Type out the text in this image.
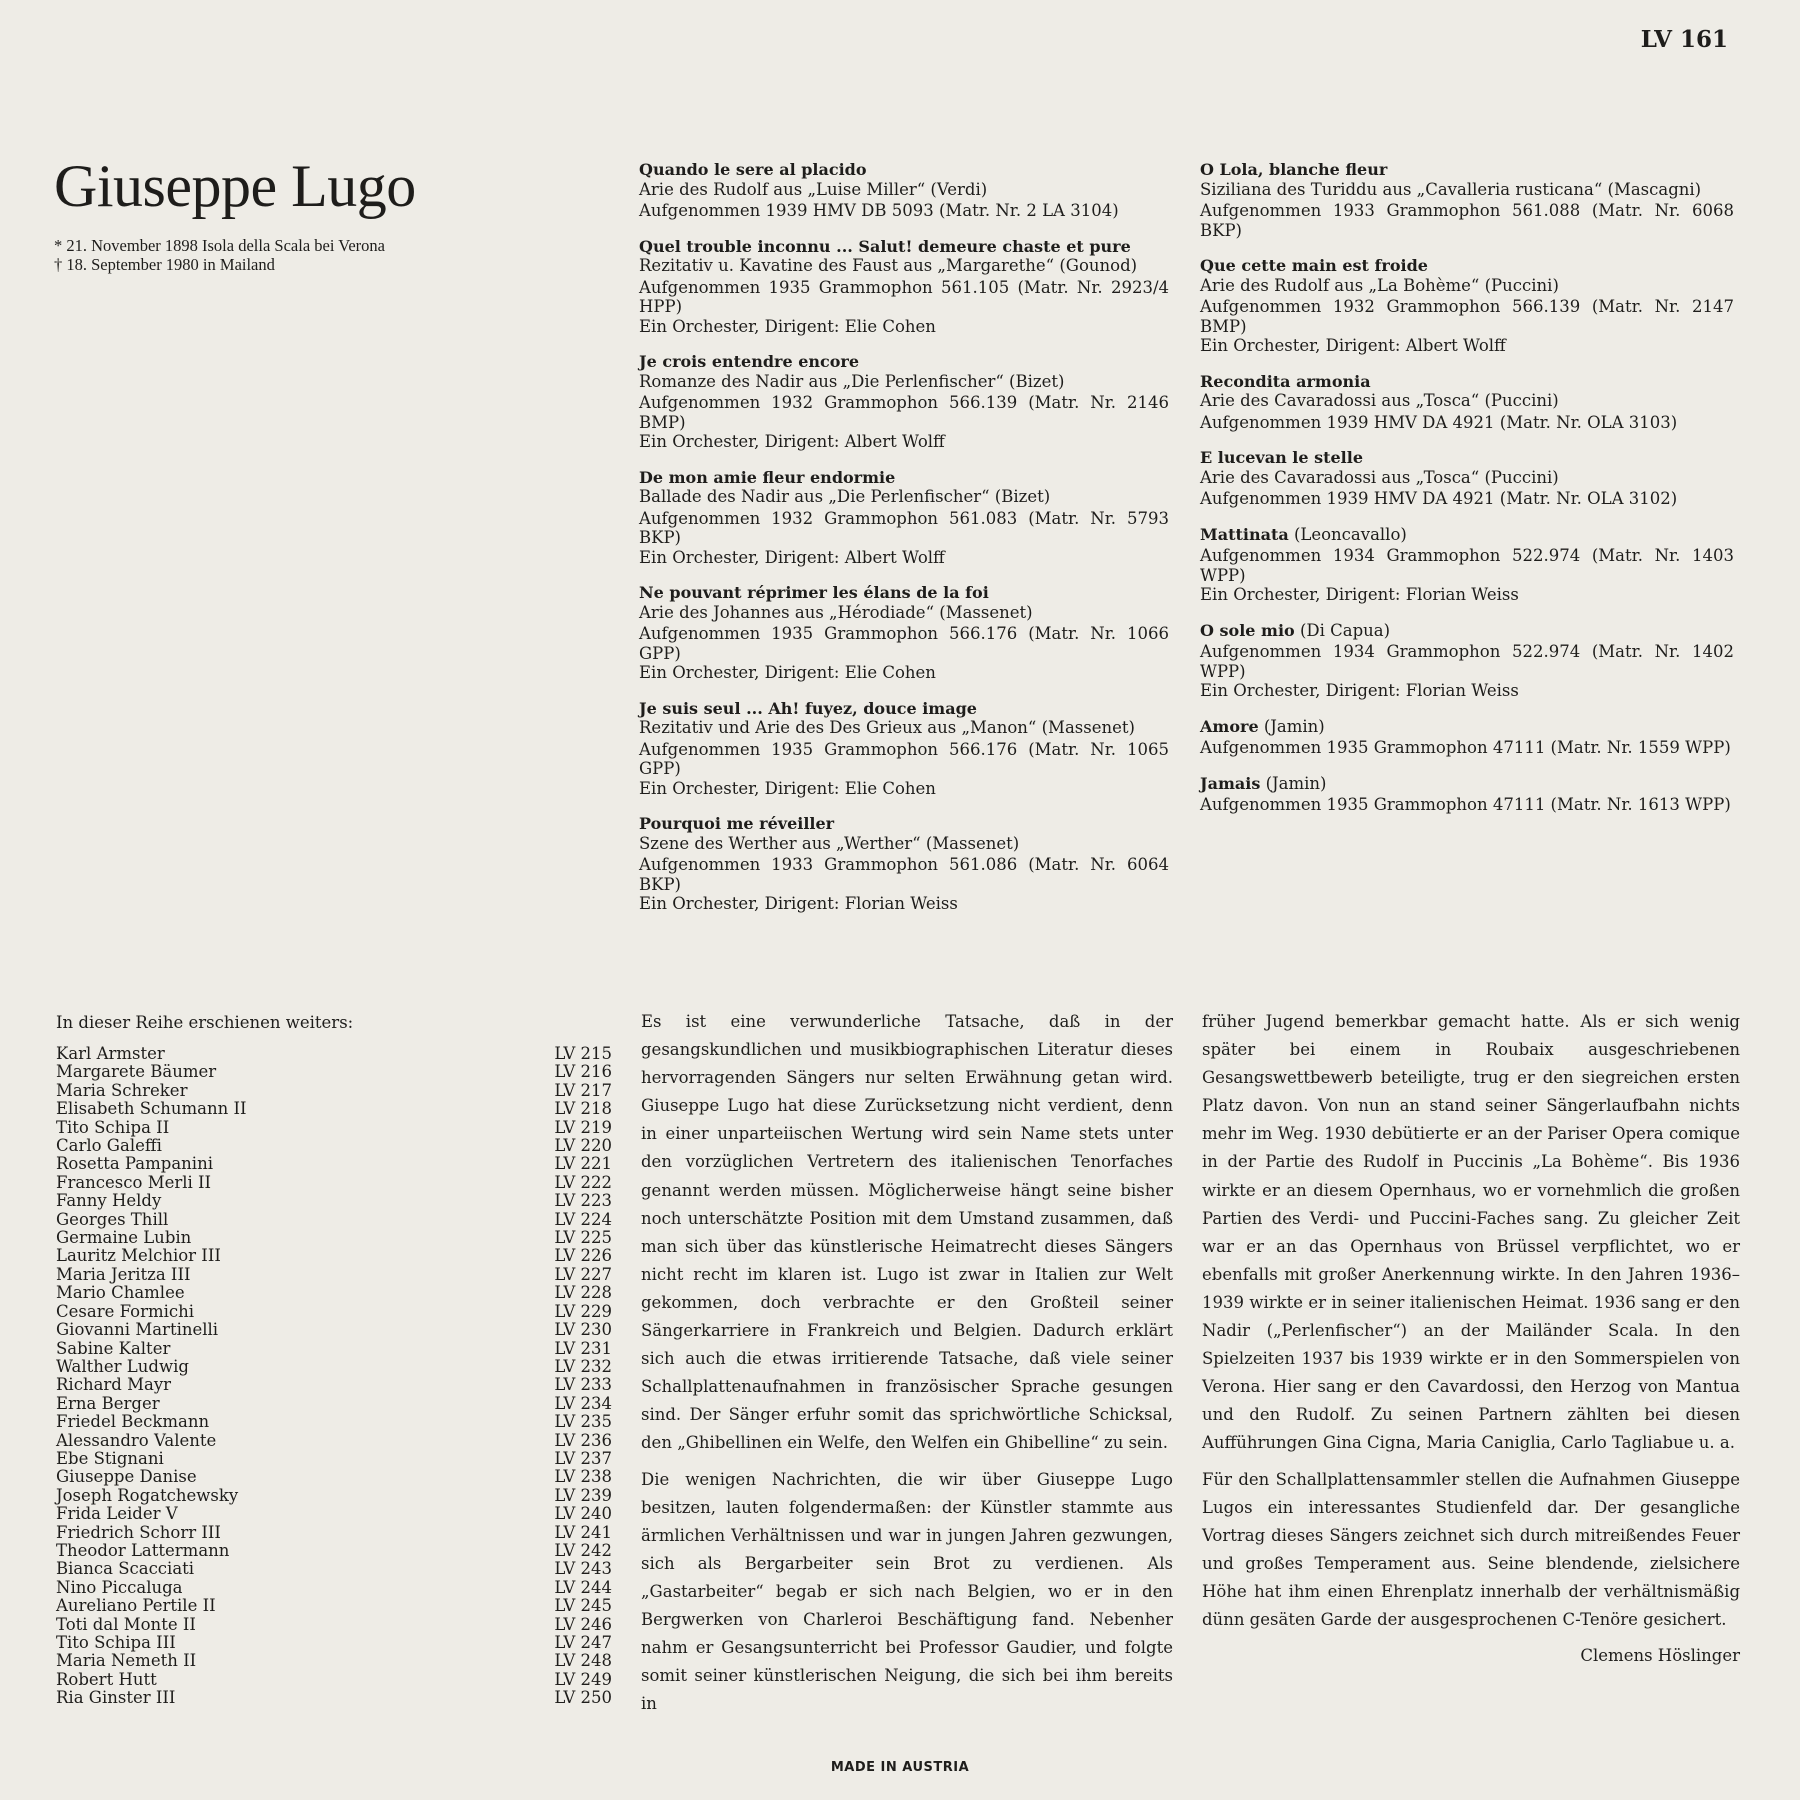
LV 161
Giuseppe Lugo
* 21. November 1898 Isola della Scala bei Verona
† 18. September 1980 in Mailand
Quando le sere al placido
Arie des Rudolf aus „Luise Miller“ (Verdi)
Aufgenommen 1939 HMV DB 5093 (Matr. Nr. 2 LA 3104)
Quel trouble inconnu ... Salut! demeure chaste et pure
Rezitativ u. Kavatine des Faust aus „Margarethe“ (Gounod)
Aufgenommen 1935 Grammophon 561.105 (Matr. Nr. 2923/4 HPP)
Ein Orchester, Dirigent: Elie Cohen
Je crois entendre encore
Romanze des Nadir aus „Die Perlenfischer“ (Bizet)
Aufgenommen 1932 Grammophon 566.139 (Matr. Nr. 2146 BMP)
Ein Orchester, Dirigent: Albert Wolff
De mon amie fleur endormie
Ballade des Nadir aus „Die Perlenfischer“ (Bizet)
Aufgenommen 1932 Grammophon 561.083 (Matr. Nr. 5793 BKP)
Ein Orchester, Dirigent: Albert Wolff
Ne pouvant réprimer les élans de la foi
Arie des Johannes aus „Hérodiade“ (Massenet)
Aufgenommen 1935 Grammophon 566.176 (Matr. Nr. 1066 GPP)
Ein Orchester, Dirigent: Elie Cohen
Je suis seul ... Ah! fuyez, douce image
Rezitativ und Arie des Des Grieux aus „Manon“ (Massenet)
Aufgenommen 1935 Grammophon 566.176 (Matr. Nr. 1065 GPP)
Ein Orchester, Dirigent: Elie Cohen
Pourquoi me réveiller
Szene des Werther aus „Werther“ (Massenet)
Aufgenommen 1933 Grammophon 561.086 (Matr. Nr. 6064 BKP)
Ein Orchester, Dirigent: Florian Weiss
O Lola, blanche fleur
Siziliana des Turiddu aus „Cavalleria rusticana“ (Mascagni)
Aufgenommen 1933 Grammophon 561.088 (Matr. Nr. 6068 BKP)
Que cette main est froide
Arie des Rudolf aus „La Bohème“ (Puccini)
Aufgenommen 1932 Grammophon 566.139 (Matr. Nr. 2147 BMP)
Ein Orchester, Dirigent: Albert Wolff
Recondita armonia
Arie des Cavaradossi aus „Tosca“ (Puccini)
Aufgenommen 1939 HMV DA 4921 (Matr. Nr. OLA 3103)
E lucevan le stelle
Arie des Cavaradossi aus „Tosca“ (Puccini)
Aufgenommen 1939 HMV DA 4921 (Matr. Nr. OLA 3102)
Mattinata (Leoncavallo)
Aufgenommen 1934 Grammophon 522.974 (Matr. Nr. 1403 WPP)
Ein Orchester, Dirigent: Florian Weiss
O sole mio (Di Capua)
Aufgenommen 1934 Grammophon 522.974 (Matr. Nr. 1402 WPP)
Ein Orchester, Dirigent: Florian Weiss
Amore (Jamin)
Aufgenommen 1935 Grammophon 47111 (Matr. Nr. 1559 WPP)
Jamais (Jamin)
Aufgenommen 1935 Grammophon 47111 (Matr. Nr. 1613 WPP)
In dieser Reihe erschienen weiters:
Karl Armster	LV 215
Margarete Bäumer	LV 216
Maria Schreker	LV 217
Elisabeth Schumann II	LV 218
Tito Schipa II	LV 219
Carlo Galeffi	LV 220
Rosetta Pampanini	LV 221
Francesco Merli II	LV 222
Fanny Heldy	LV 223
Georges Thill	LV 224
Germaine Lubin	LV 225
Lauritz Melchior III	LV 226
Maria Jeritza III	LV 227
Mario Chamlee	LV 228
Cesare Formichi	LV 229
Giovanni Martinelli	LV 230
Sabine Kalter	LV 231
Walther Ludwig	LV 232
Richard Mayr	LV 233
Erna Berger	LV 234
Friedel Beckmann	LV 235
Alessandro Valente	LV 236
Ebe Stignani	LV 237
Giuseppe Danise	LV 238
Joseph Rogatchewsky	LV 239
Frida Leider V	LV 240
Friedrich Schorr III	LV 241
Theodor Lattermann	LV 242
Bianca Scacciati	LV 243
Nino Piccaluga	LV 244
Aureliano Pertile II	LV 245
Toti dal Monte II	LV 246
Tito Schipa III	LV 247
Maria Nemeth II	LV 248
Robert Hutt	LV 249
Ria Ginster III	LV 250

Es ist eine verwunderliche Tatsache, daß in der gesangskundlichen und musikbiographischen Literatur dieses hervorragenden Sängers nur selten Erwähnung getan wird. Giuseppe Lugo hat diese Zurücksetzung nicht verdient, denn in einer unparteiischen Wertung wird sein Name stets unter den vorzüglichen Vertretern des italienischen Tenorfaches genannt werden müssen. Möglicherweise hängt seine bisher noch unterschätzte Position mit dem Umstand zusammen, daß man sich über das künstlerische Heimatrecht dieses Sängers nicht recht im klaren ist. Lugo ist zwar in Italien zur Welt gekommen, doch verbrachte er den Großteil seiner Sängerkarriere in Frankreich und Belgien. Dadurch erklärt sich auch die etwas irritierende Tatsache, daß viele seiner Schallplattenaufnahmen in französischer Sprache gesungen sind. Der Sänger erfuhr somit das sprichwörtliche Schicksal, den „Ghibellinen ein Welfe, den Welfen ein Ghibelline“ zu sein.

Die wenigen Nachrichten, die wir über Giuseppe Lugo besitzen, lauten folgendermaßen: der Künstler stammte aus ärmlichen Verhältnissen und war in jungen Jahren gezwungen, sich als Bergarbeiter sein Brot zu verdienen. Als „Gastarbeiter“ begab er sich nach Belgien, wo er in den Bergwerken von Charleroi Beschäftigung fand. Nebenher nahm er Gesangsunterricht bei Professor Gaudier, und folgte somit seiner künstlerischen Neigung, die sich bei ihm bereits in

früher Jugend bemerkbar gemacht hatte. Als er sich wenig später bei einem in Roubaix ausgeschriebenen Gesangswettbewerb beteiligte, trug er den siegreichen ersten Platz davon. Von nun an stand seiner Sängerlaufbahn nichts mehr im Weg. 1930 debütierte er an der Pariser Opera comique in der Partie des Rudolf in Puccinis „La Bohème“. Bis 1936 wirkte er an diesem Opernhaus, wo er vornehmlich die großen Partien des Verdi- und Puccini-Faches sang. Zu gleicher Zeit war er an das Opernhaus von Brüssel verpflichtet, wo er ebenfalls mit großer Anerkennung wirkte. In den Jahren 1936–1939 wirkte er in seiner italienischen Heimat. 1936 sang er den Nadir („Perlenfischer“) an der Mailänder Scala. In den Spielzeiten 1937 bis 1939 wirkte er in den Sommerspielen von Verona. Hier sang er den Cavardossi, den Herzog von Mantua und den Rudolf. Zu seinen Partnern zählten bei diesen Aufführungen Gina Cigna, Maria Caniglia, Carlo Tagliabue u. a.

Für den Schallplattensammler stellen die Aufnahmen Giuseppe Lugos ein interessantes Studienfeld dar. Der gesangliche Vortrag dieses Sängers zeichnet sich durch mitreißendes Feuer und großes Temperament aus. Seine blendende, zielsichere Höhe hat ihm einen Ehrenplatz innerhalb der verhältnismäßig dünn gesäten Garde der ausgesprochenen C-Tenöre gesichert.

Clemens Höslinger
MADE IN AUSTRIA
